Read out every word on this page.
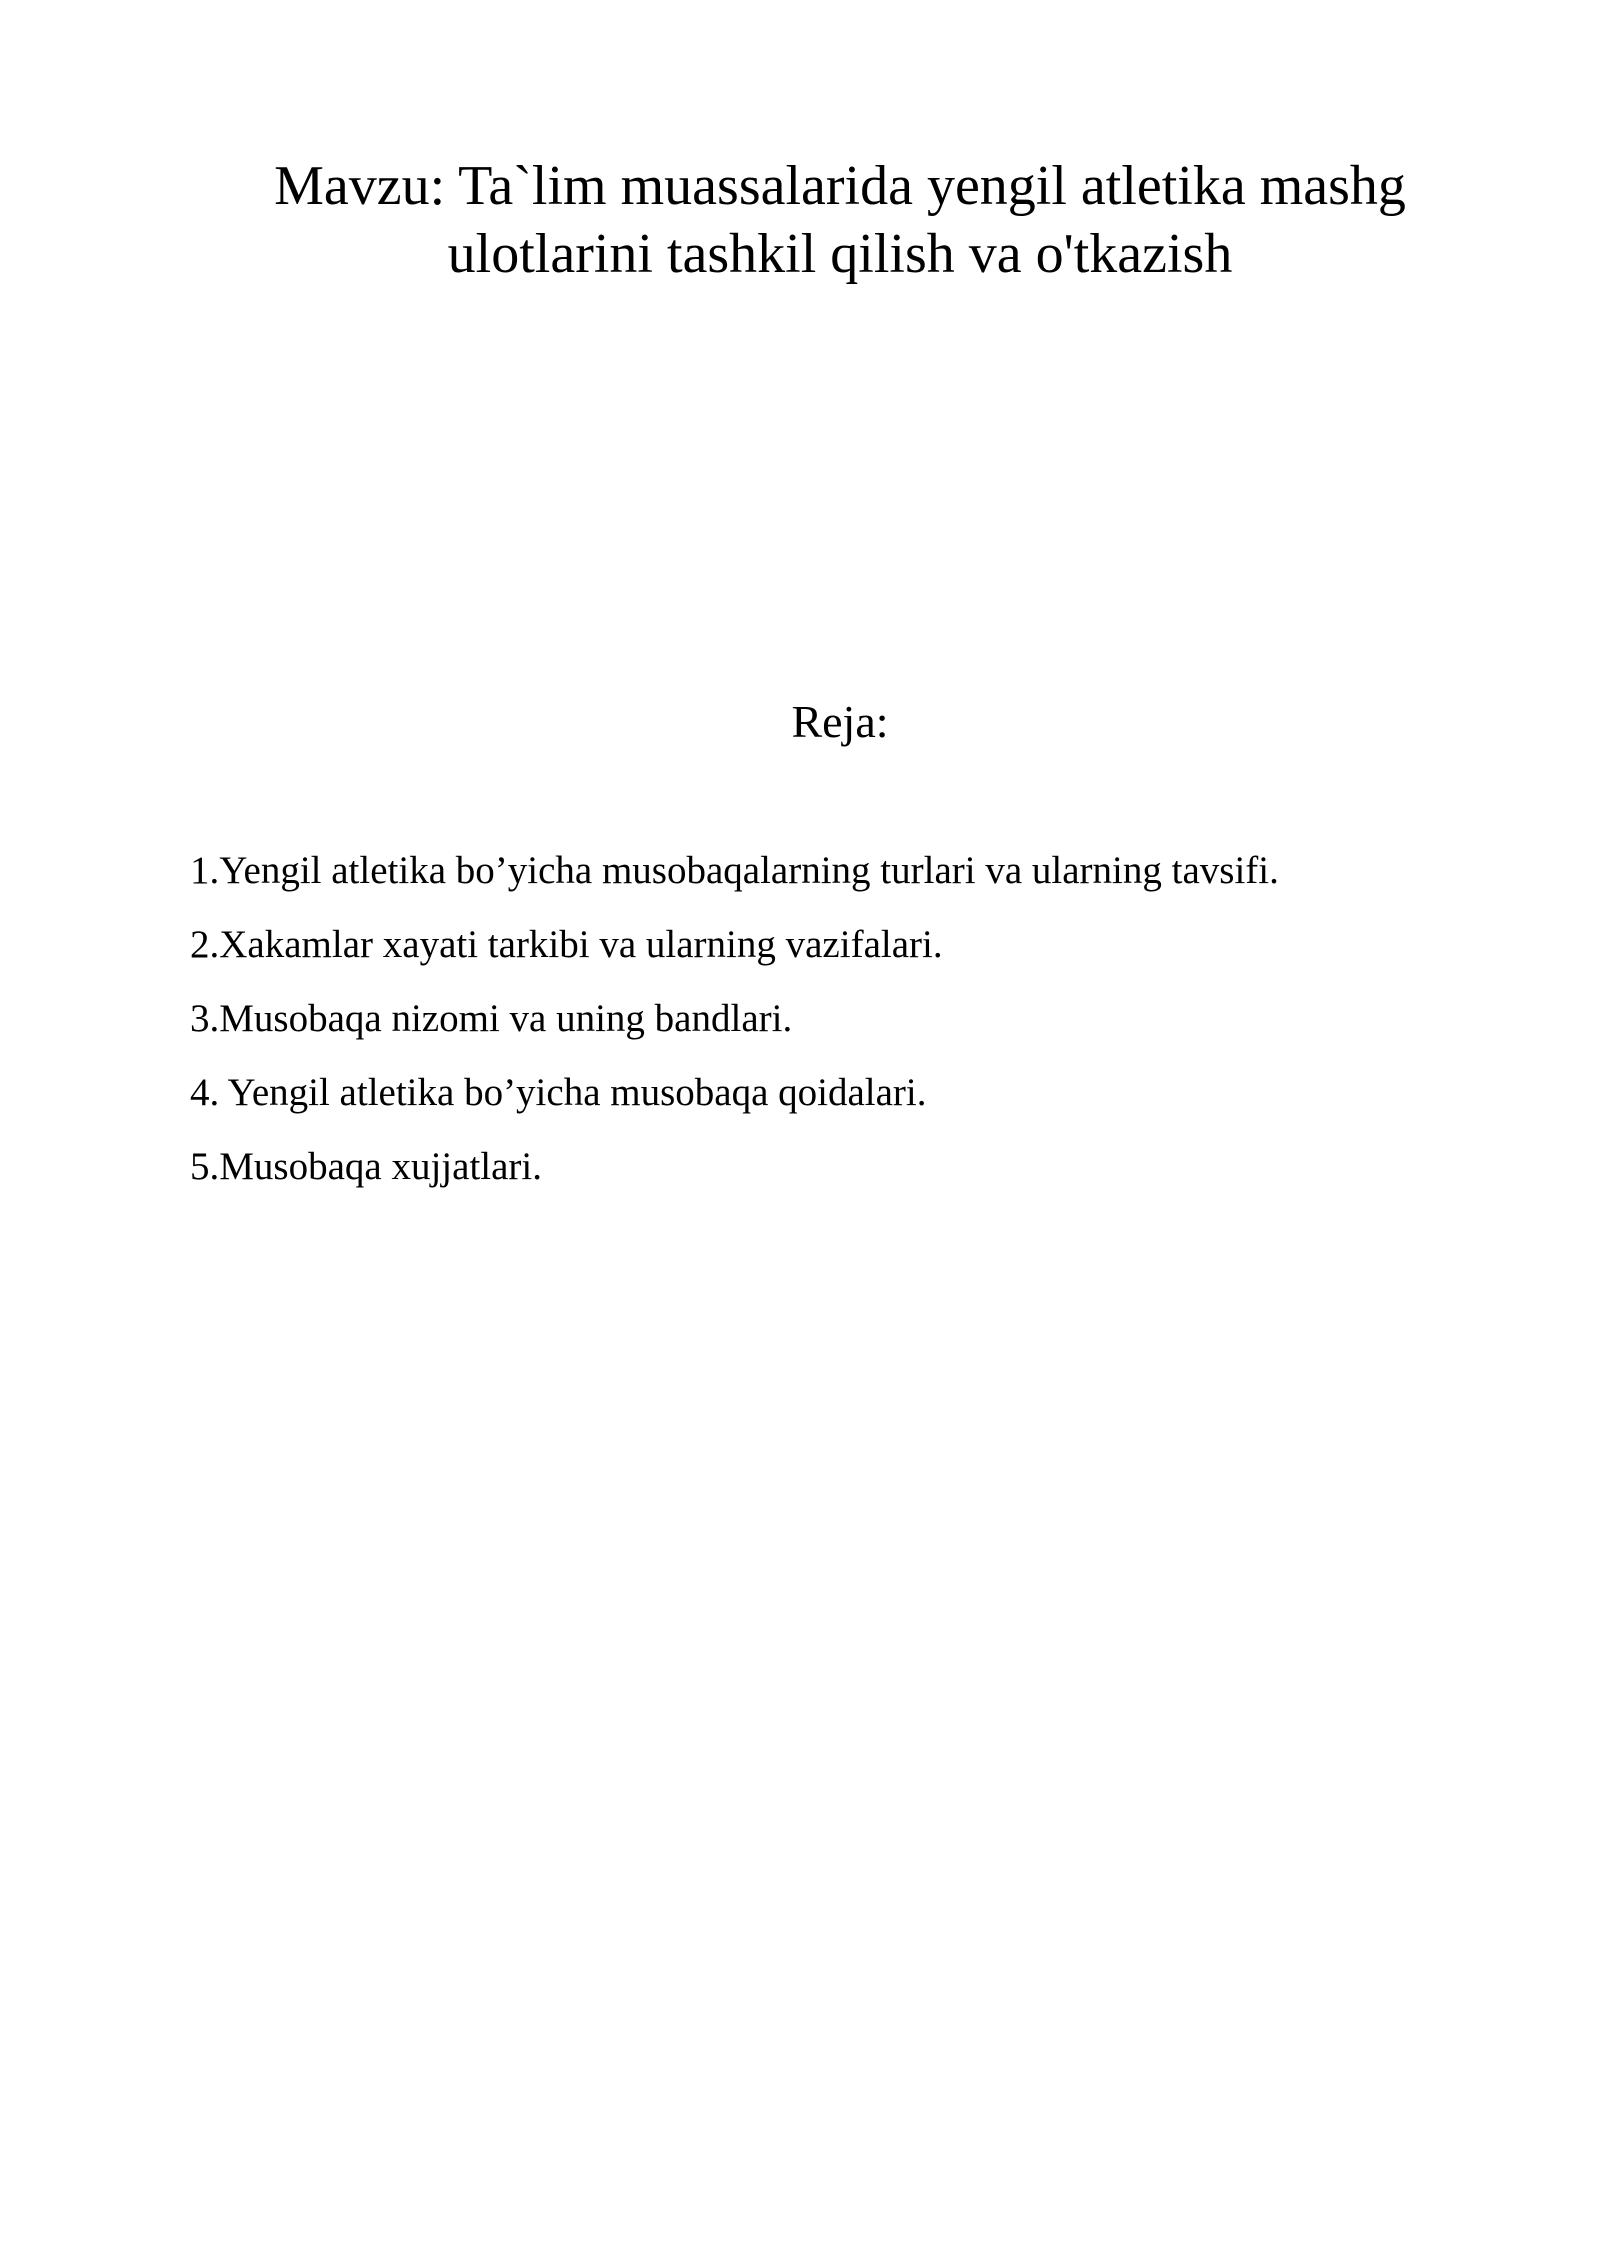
Mavzu: Ta`lim muassalarida yengil atletika mashg
ulotlarini tashkil qilish va o'tkazish
Reja:
1.Yengil atletika bo’yicha musobaqalarning turlari va ularning tavsifi.
2.Xakamlar xayati tarkibi va ularning vazifalari.
3.Musobaqa nizomi va uning bandlari.
4. Yengil atletika bo’yicha musobaqa qoidalari.
5.Musobaqa xujjatlari.
